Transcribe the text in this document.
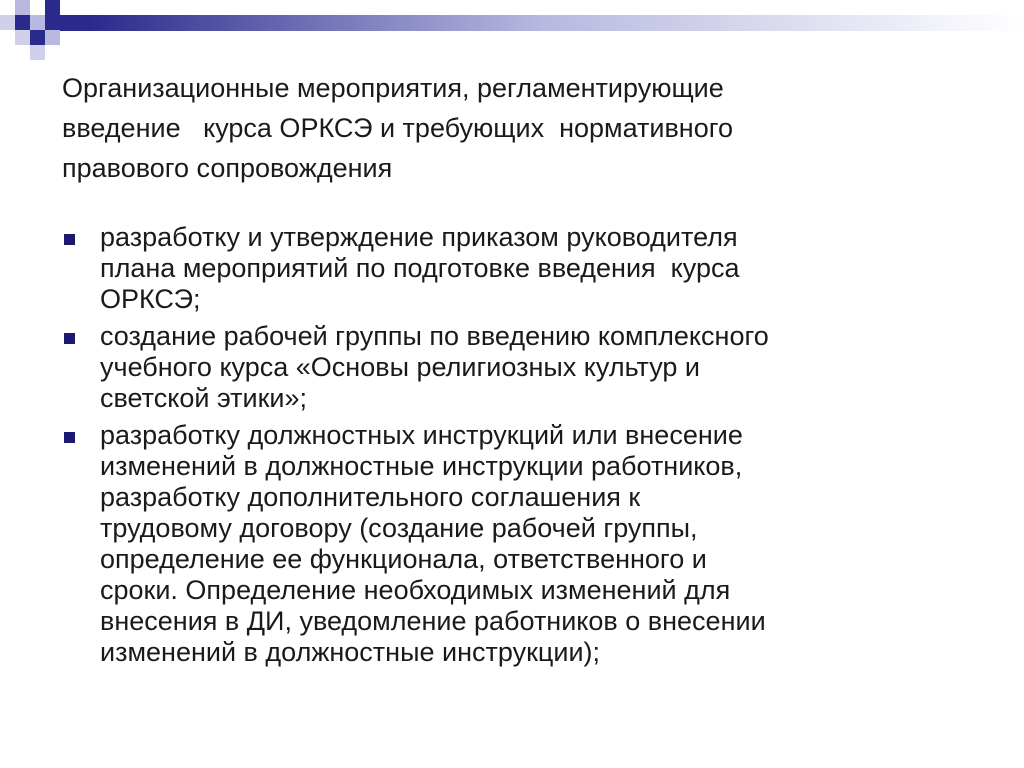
Организационные мероприятия, регламентирующие
введение   курса ОРКСЭ и требующих  нормативного
правового сопровождения
разработку и утверждение приказом руководителя
плана мероприятий по подготовке введения  курса
ОРКСЭ;
создание рабочей группы по введению комплексного
учебного курса «Основы религиозных культур и
светской этики»;
разработку должностных инструкций или внесение
изменений в должностные инструкции работников,
разработку дополнительного соглашения к
трудовому договору (создание рабочей группы,
определение ее функционала, ответственного и
сроки. Определение необходимых изменений для
внесения в ДИ, уведомление работников о внесении
изменений в должностные инструкции);
